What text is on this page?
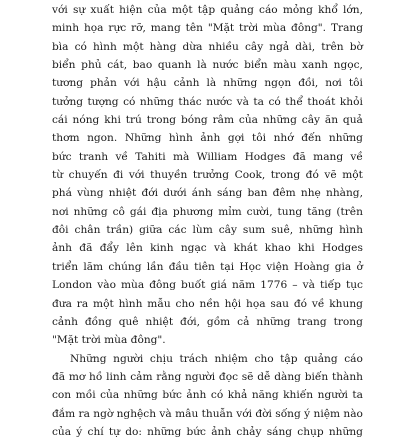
với sự xuất hiện của một tập quảng cáo mỏng khổ lớn,
minh họa rực rỡ, mang tên "Mặt trời mùa đông". Trang
bìa có hình một hàng dừa nhiều cây ngả dài, trên bờ
biển phủ cát, bao quanh là nước biển màu xanh ngọc,
tương phản với hậu cảnh là những ngọn đồi, nơi tôi
tưởng tượng có những thác nước và ta có thể thoát khỏi
cái nóng khi trú trong bóng râm của những cây ăn quả
thơm ngon. Những hình ảnh gợi tôi nhớ đến những
bức tranh về Tahiti mà William Hodges đã mang về
từ chuyến đi với thuyền trưởng Cook, trong đó vẽ một
phá vùng nhiệt đới dưới ánh sáng ban đêm nhẹ nhàng,
nơi những cô gái địa phương mỉm cười, tung tăng (trên
đôi chân trần) giữa các lùm cây sum suê, những hình
ảnh đã đẩy lên kinh ngạc và khát khao khi Hodges
triển lãm chúng lần đầu tiên tại Học viện Hoàng gia ở
London vào mùa đông buốt giá năm 1776 – và tiếp tục
đưa ra một hình mẫu cho nền hội họa sau đó về khung
cảnh đồng quê nhiệt đới, gồm cả những trang trong
"Mặt trời mùa đông".
Những người chịu trách nhiệm cho tập quảng cáo
đã mơ hồ linh cảm rằng người đọc sẽ dễ dàng biến thành
con mồi của những bức ảnh có khả năng khiến người ta
đắm ra ngờ nghệch và mâu thuẫn với đời sống ý niệm nào
của ý chí tự do: những bức ảnh chảy sáng chụp những
